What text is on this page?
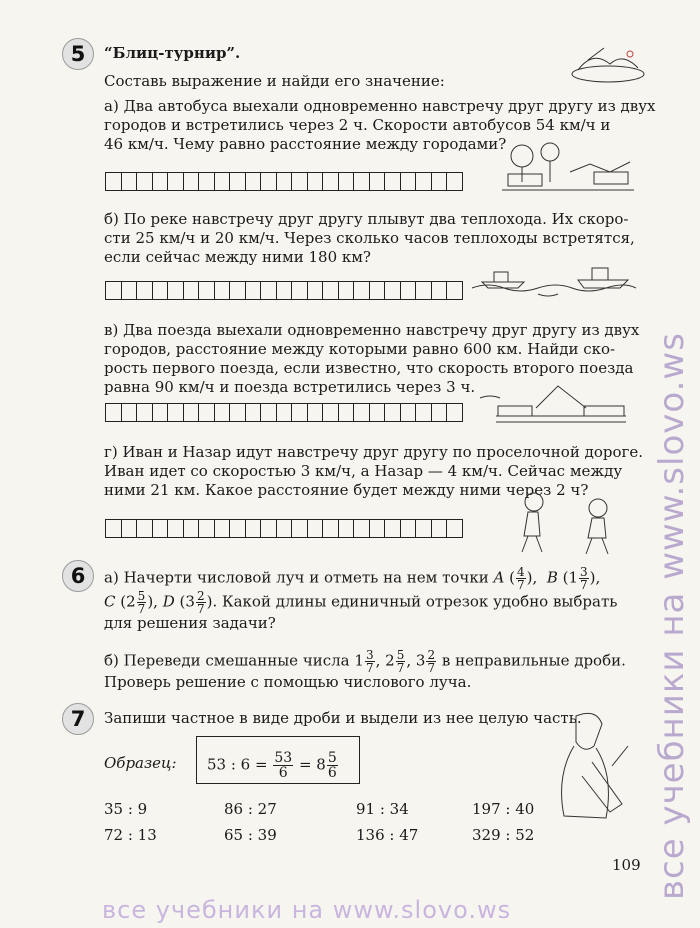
все учебники на www.slovo.ws
все учебники на www.slovo.ws
5	“Блиц-турнир”.
Составь выражение и найди его значение:
а) Два автобуса выехали одновременно навстречу друг другу из двух
городов и встретились через 2 ч. Скорости автобусов 54 км/ч и
46 км/ч. Чему равно расстояние между городами?
б) По реке навстречу друг другу плывут два теплохода. Их скоро-
сти 25 км/ч и 20 км/ч. Через сколько часов теплоходы встретятся,
если сейчас между ними 180 км?
в) Два поезда выехали одновременно навстречу друг другу из двух
городов, расстояние между которыми равно 600 км. Найди ско-
рость первого поезда, если известно, что скорость второго поезда
равна 90 км/ч и поезда встретились через 3 ч.
г) Иван и Назар идут навстречу друг другу по проселочной дороге.
Иван идет со скоростью 3 км/ч, а Назар — 4 км/ч. Сейчас между
ними 21 км. Какое расстояние будет между ними через 2 ч?
6	а) Начерти числовой луч и отметь на нем точки A ( $\frac{4}{7}$ ), B ($1 \frac{3}{7}$ ),
C ($2 \frac{5}{7}$ ), D ($3 \frac{2}{7}$ ). Какой длины единичный отрезок удобно выбрать
для решения задачи?
б) Переведи смешанные числа $1 \frac{3}{7}$ , $2 \frac{5}{7}$ , $3 \frac{2}{7}$ в неправильные дроби.
Проверь решение с помощью числового луча.
7	Запиши частное в виде дроби и выдели из нее целую часть.
Образец: 53 : $6 = \frac{53}{6} = 8 \frac{5}{6}$
35 : 9	86 : 27	91 : 34	197 : 40
72 : 13	65 : 39	136 : 47	329 : 52
109
